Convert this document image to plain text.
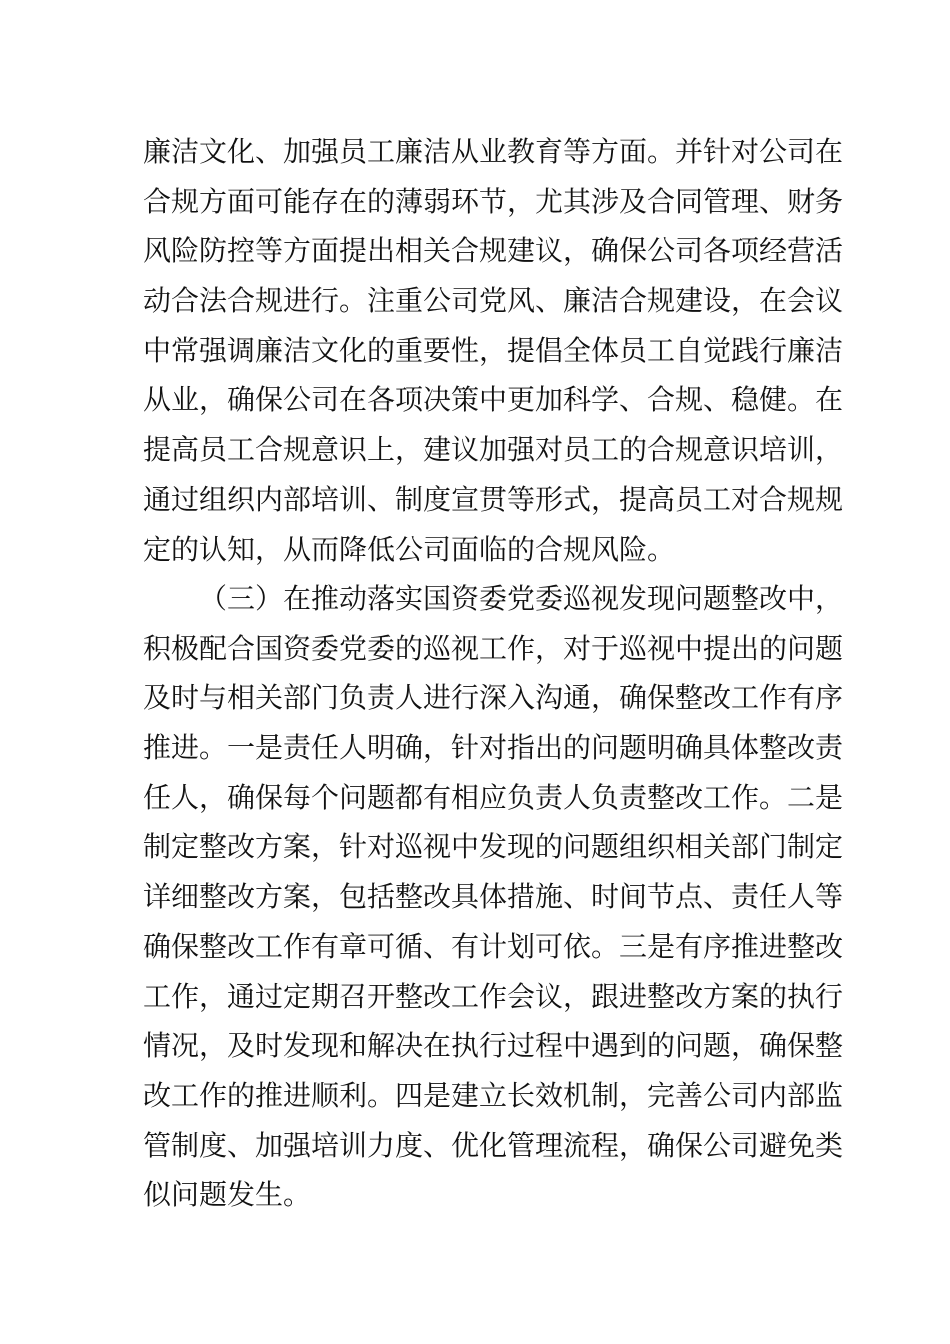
廉洁文化、加强员工廉洁从业教育等方面。并针对公司在
合规方面可能存在的薄弱环节，尤其涉及合同管理、财务
风险防控等方面提出相关合规建议，确保公司各项经营活
动合法合规进行。注重公司党风、廉洁合规建设，在会议
中常强调廉洁文化的重要性，提倡全体员工自觉践行廉洁
从业，确保公司在各项决策中更加科学、合规、稳健。在
提高员工合规意识上，建议加强对员工的合规意识培训，
通过组织内部培训、制度宣贯等形式，提高员工对合规规
定的认知，从而降低公司面临的合规风险。
（三）在推动落实国资委党委巡视发现问题整改中，
积极配合国资委党委的巡视工作，对于巡视中提出的问题
及时与相关部门负责人进行深入沟通，确保整改工作有序
推进。一是责任人明确，针对指出的问题明确具体整改责
任人，确保每个问题都有相应负责人负责整改工作。二是
制定整改方案，针对巡视中发现的问题组织相关部门制定
详细整改方案，包括整改具体措施、时间节点、责任人等
确保整改工作有章可循、有计划可依。三是有序推进整改
工作，通过定期召开整改工作会议，跟进整改方案的执行
情况，及时发现和解决在执行过程中遇到的问题，确保整
改工作的推进顺利。四是建立长效机制，完善公司内部监
管制度、加强培训力度、优化管理流程，确保公司避免类
似问题发生。
